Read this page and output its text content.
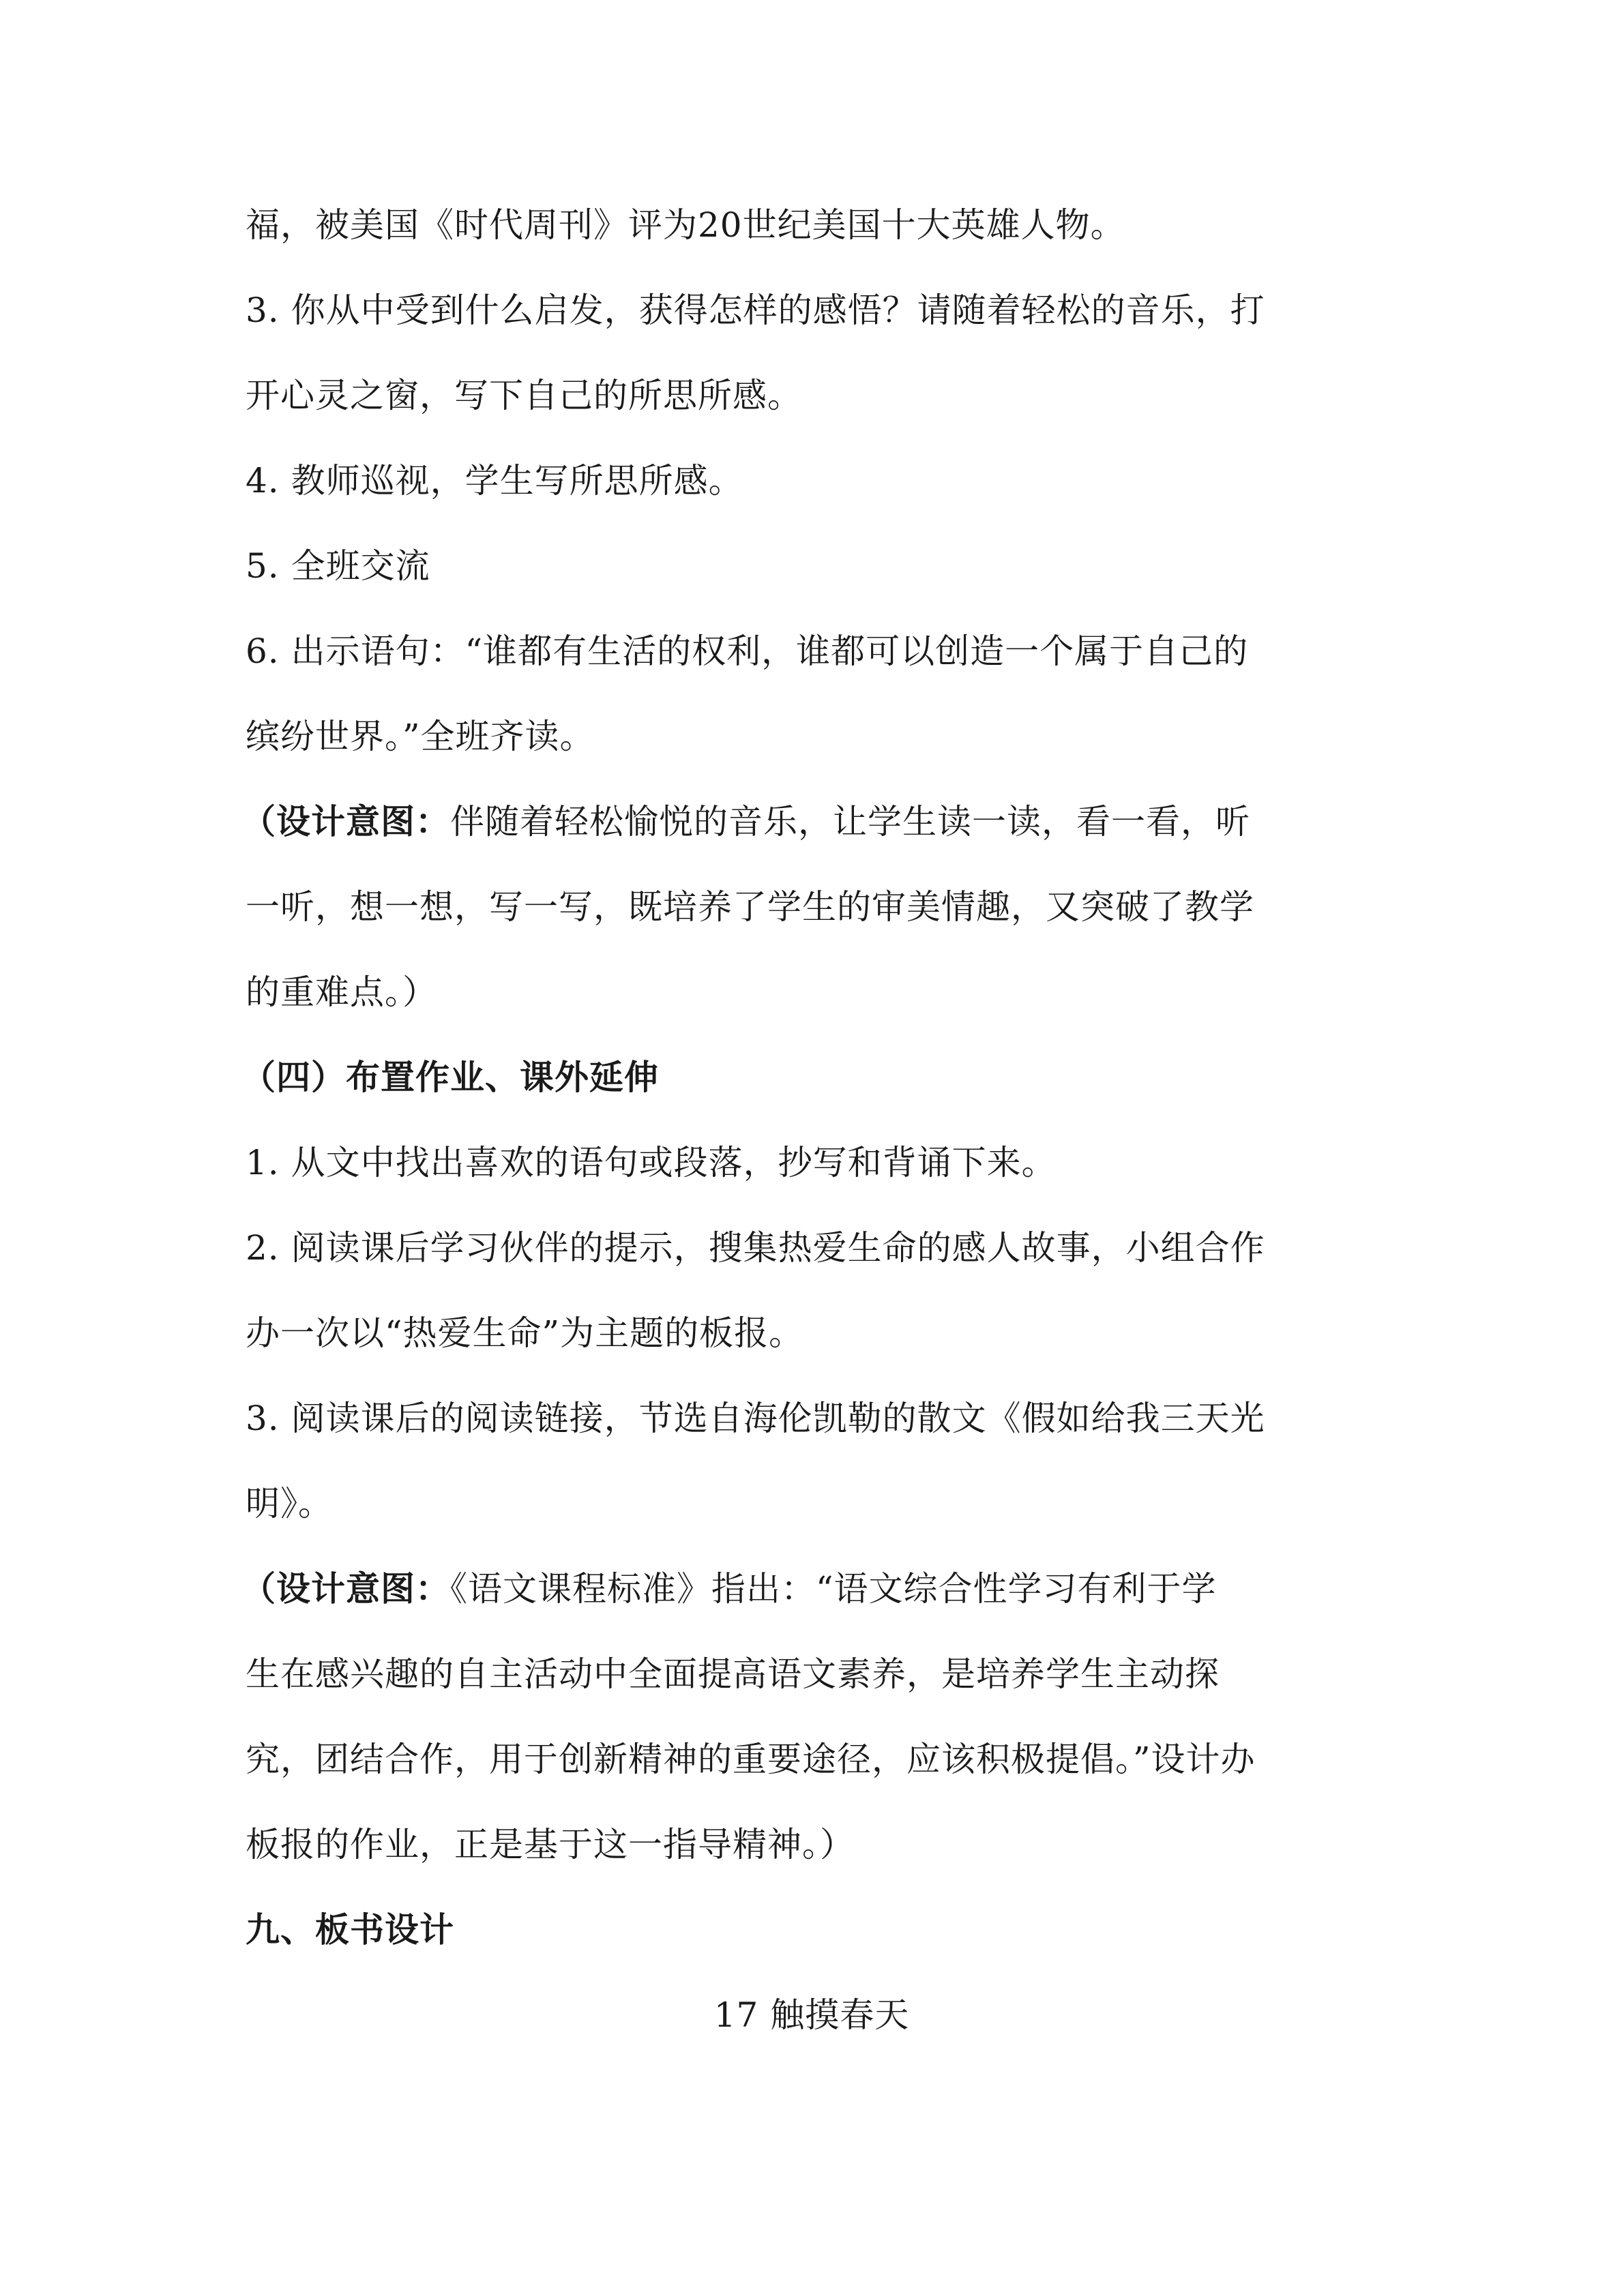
福，被美国《时代周刊》评为20世纪美国十大英雄人物。
3. 你从中受到什么启发，获得怎样的感悟？请随着轻松的音乐，打
开心灵之窗，写下自己的所思所感。
4. 教师巡视，学生写所思所感。
5. 全班交流
6. 出示语句：“谁都有生活的权利，谁都可以创造一个属于自己的
缤纷世界。”全班齐读。
（设计意图：伴随着轻松愉悦的音乐，让学生读一读，看一看，听
一听，想一想，写一写，既培养了学生的审美情趣，又突破了教学
的重难点。）
（四）布置作业、课外延伸
1. 从文中找出喜欢的语句或段落，抄写和背诵下来。
2. 阅读课后学习伙伴的提示，搜集热爱生命的感人故事，小组合作
办一次以“热爱生命”为主题的板报。
3. 阅读课后的阅读链接，节选自海伦凯勒的散文《假如给我三天光
明》。
（设计意图：《语文课程标准》指出：“语文综合性学习有利于学
生在感兴趣的自主活动中全面提高语文素养，是培养学生主动探
究，团结合作，用于创新精神的重要途径，应该积极提倡。”设计办
板报的作业，正是基于这一指导精神。）
九、板书设计
17 触摸春天
